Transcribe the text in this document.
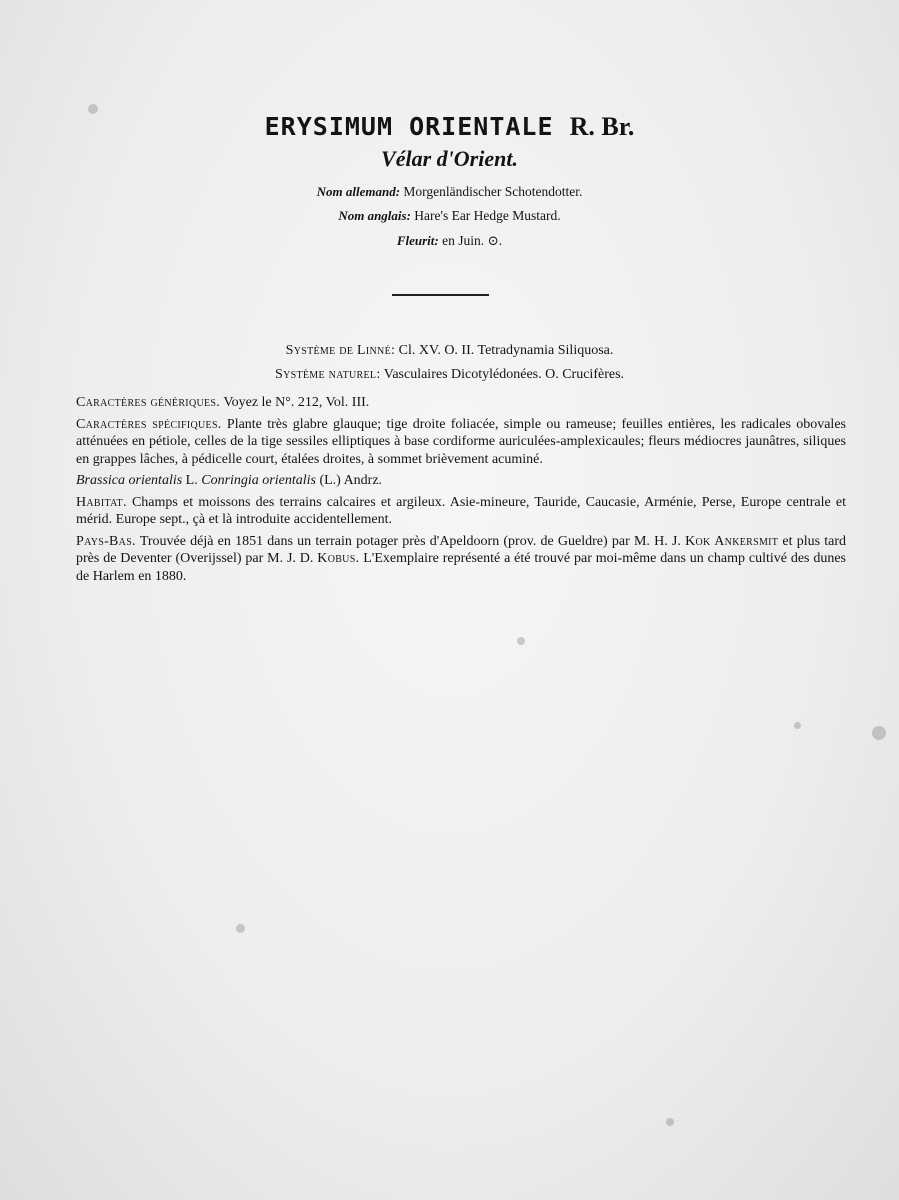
ERYSIMUM ORIENTALE R. Br.
Vélar d'Orient.
Nom allemand: Morgenländischer Schotendotter.
Nom anglais: Hare's Ear Hedge Mustard.
Fleurit: en Juin. ⊙.
Système de Linné: Cl. XV. O. II. Tetradynamia Siliquosa.
Système naturel: Vasculaires Dicotylédonées. O. Crucifères.

Caractères génériques. Voyez le N°. 212, Vol. III.

Caractères spécifiques. Plante très glabre glauque; tige droite foliacée, simple ou rameuse; feuilles entières, les radicales obovales atténuées en pétiole, celles de la tige sessiles elliptiques à base cordiforme auriculées-amplexicaules; fleurs médiocres jaunâtres, siliques en grappes lâches, à pédicelle court, étalées droites, à sommet brièvement acuminé.

Brassica orientalis L. Conringia orientalis (L.) Andrz.

Habitat. Champs et moissons des terrains calcaires et argileux. Asie-mineure, Tauride, Caucasie, Arménie, Perse, Europe centrale et mérid. Europe sept., çà et là introduite accidentellement.

Pays-Bas. Trouvée déjà en 1851 dans un terrain potager près d'Apeldoorn (prov. de Gueldre) par M. H. J. Kok Ankersmit et plus tard près de Deventer (Overijssel) par M. J. D. Kobus. L'Exemplaire représenté a été trouvé par moi-même dans un champ cultivé des dunes de Harlem en 1880.
